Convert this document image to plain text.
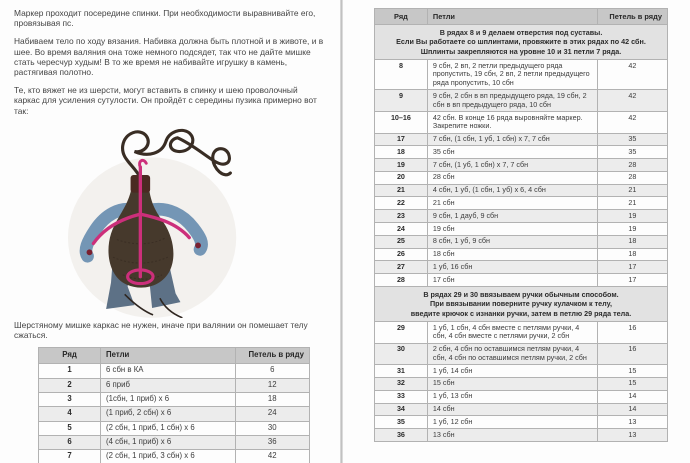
Маркер проходит посередине спинки. При необходимости выравнивайте его, провязывая пс.

Набиваем тело по ходу вязания. Набивка должна быть плотной и в животе, и в шее. Во время валяния она тоже немного подсядет, так что не дайте мишке стать чересчур худым! В то же время не набивайте игрушку в камень, растягивая полотно.

Те, кто вяжет не из шерсти, могут вставить в спинку и шею проволочный каркас для усиления сутулости. Он пройдёт с середины пузика примерно вот так:

Шерстяному мишке каркас не нужен, иначе при валянии он помешает телу сжаться.

Ряд	Петли	Петель в ряду
1	6 сбн в КА	6
2	6 приб	12
3	(1сбн, 1 приб) х 6	18
4	(1 приб, 2 сбн) х 6	24
5	(2 сбн, 1 приб, 1 сбн) х 6	30
6	(4 сбн, 1 приб) х 6	36
7	(2 сбн, 1 приб, 3 сбн) х 6	42
Ряд	Петли	Петель в ряду

В рядах 8 и 9 делаем отверстия под суставы.
Если Вы работаете со шплинтами, провяжите в этих рядах по 42 сбн.
Шплинты закрепляются на уровне 10 и 31 петли 7 ряда.		

8	9 сбн, 2 вп, 2 петли предыдущего ряда пропустить, 19 сбн, 2 вп, 2 петли предыдущего ряда пропустить, 10 сбн	42
9	9 сбн, 2 сбн в вп предыдущего ряда, 19 сбн, 2 сбн в вп предыдущего ряда, 10 сбн	42
10–16	42 сбн. В конце 16 ряда выровняйте маркер. Закрепите ножки.	42
17	7 сбн, (1 сбн, 1 уб, 1 сбн) х 7, 7 сбн	35
18	35 сбн	35
19	7 сбн, (1 уб, 1 сбн) х 7, 7 сбн	28
20	28 сбн	28
21	4 сбн, 1 уб, (1 сбн, 1 уб) х 6, 4 сбн	21
22	21 сбн	21
23	9 сбн, 1 дауб, 9 сбн	19
24	19 сбн	19
25	8 сбн, 1 уб, 9 сбн	18
26	18 сбн	18
27	1 уб, 16 сбн	17
28	17 сбн	17

В рядах 29 и 30 ввязываем ручки обычным способом.
При ввязывании поверните ручку кулачком к телу,
введите крючок с изнанки ручки, затем в петлю 29 ряда тела.		

29	1 уб, 1 сбн, 4 сбн вместе с петлями ручки, 4 сбн, 4 сбн вместе с петлями ручки, 2 сбн	16
30	2 сбн, 4 сбн по оставшимся петлям ручки, 4 сбн, 4 сбн по оставшимся петлям ручки, 2 сбн	16
31	1 уб, 14 сбн	15
32	15 сбн	15
33	1 уб, 13 сбн	14
34	14 сбн	14
35	1 уб, 12 сбн	13
36	13 сбн	13
